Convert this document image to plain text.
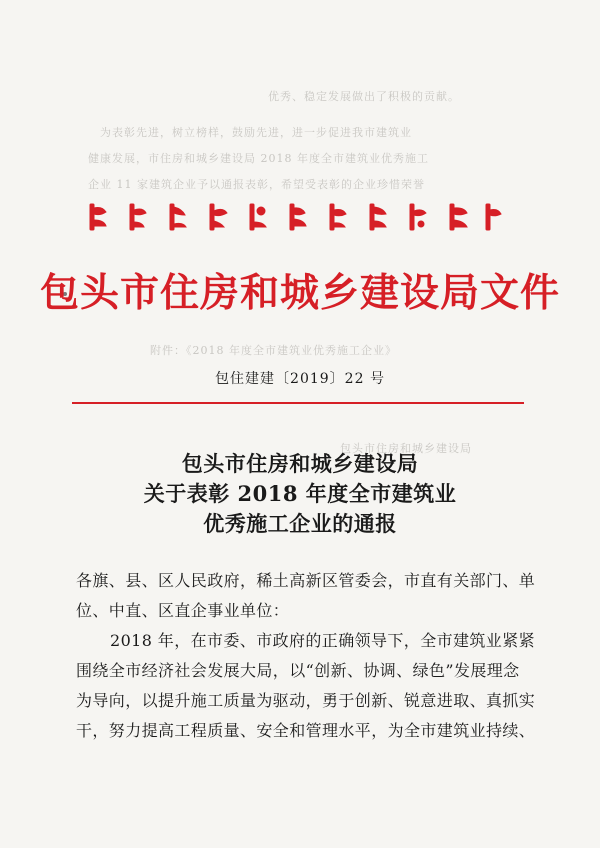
优秀、稳定发展做出了积极的贡献。
为表彰先进，树立榜样，鼓励先进，进一步促进我市建筑业
健康发展，市住房和城乡建设局 2018 年度全市建筑业优秀施工
企业 11 家建筑企业予以通报表彰，希望受表彰的企业珍惜荣誉
附件：《2018 年度全市建筑业优秀施工企业》
包头市住房和城乡建设局
包头市住房和城乡建设局文件
包住建建〔2019〕22 号
包头市住房和城乡建设局
关于表彰 2018 年度全市建筑业
优秀施工企业的通报
各旗、县、区人民政府，稀土高新区管委会，市直有关部门、单
位、中直、区直企事业单位：
2018 年，在市委、市政府的正确领导下，全市建筑业紧紧
围绕全市经济社会发展大局，以“创新、协调、绿色”发展理念
为导向，以提升施工质量为驱动，勇于创新、锐意进取、真抓实
干，努力提高工程质量、安全和管理水平，为全市建筑业持续、
